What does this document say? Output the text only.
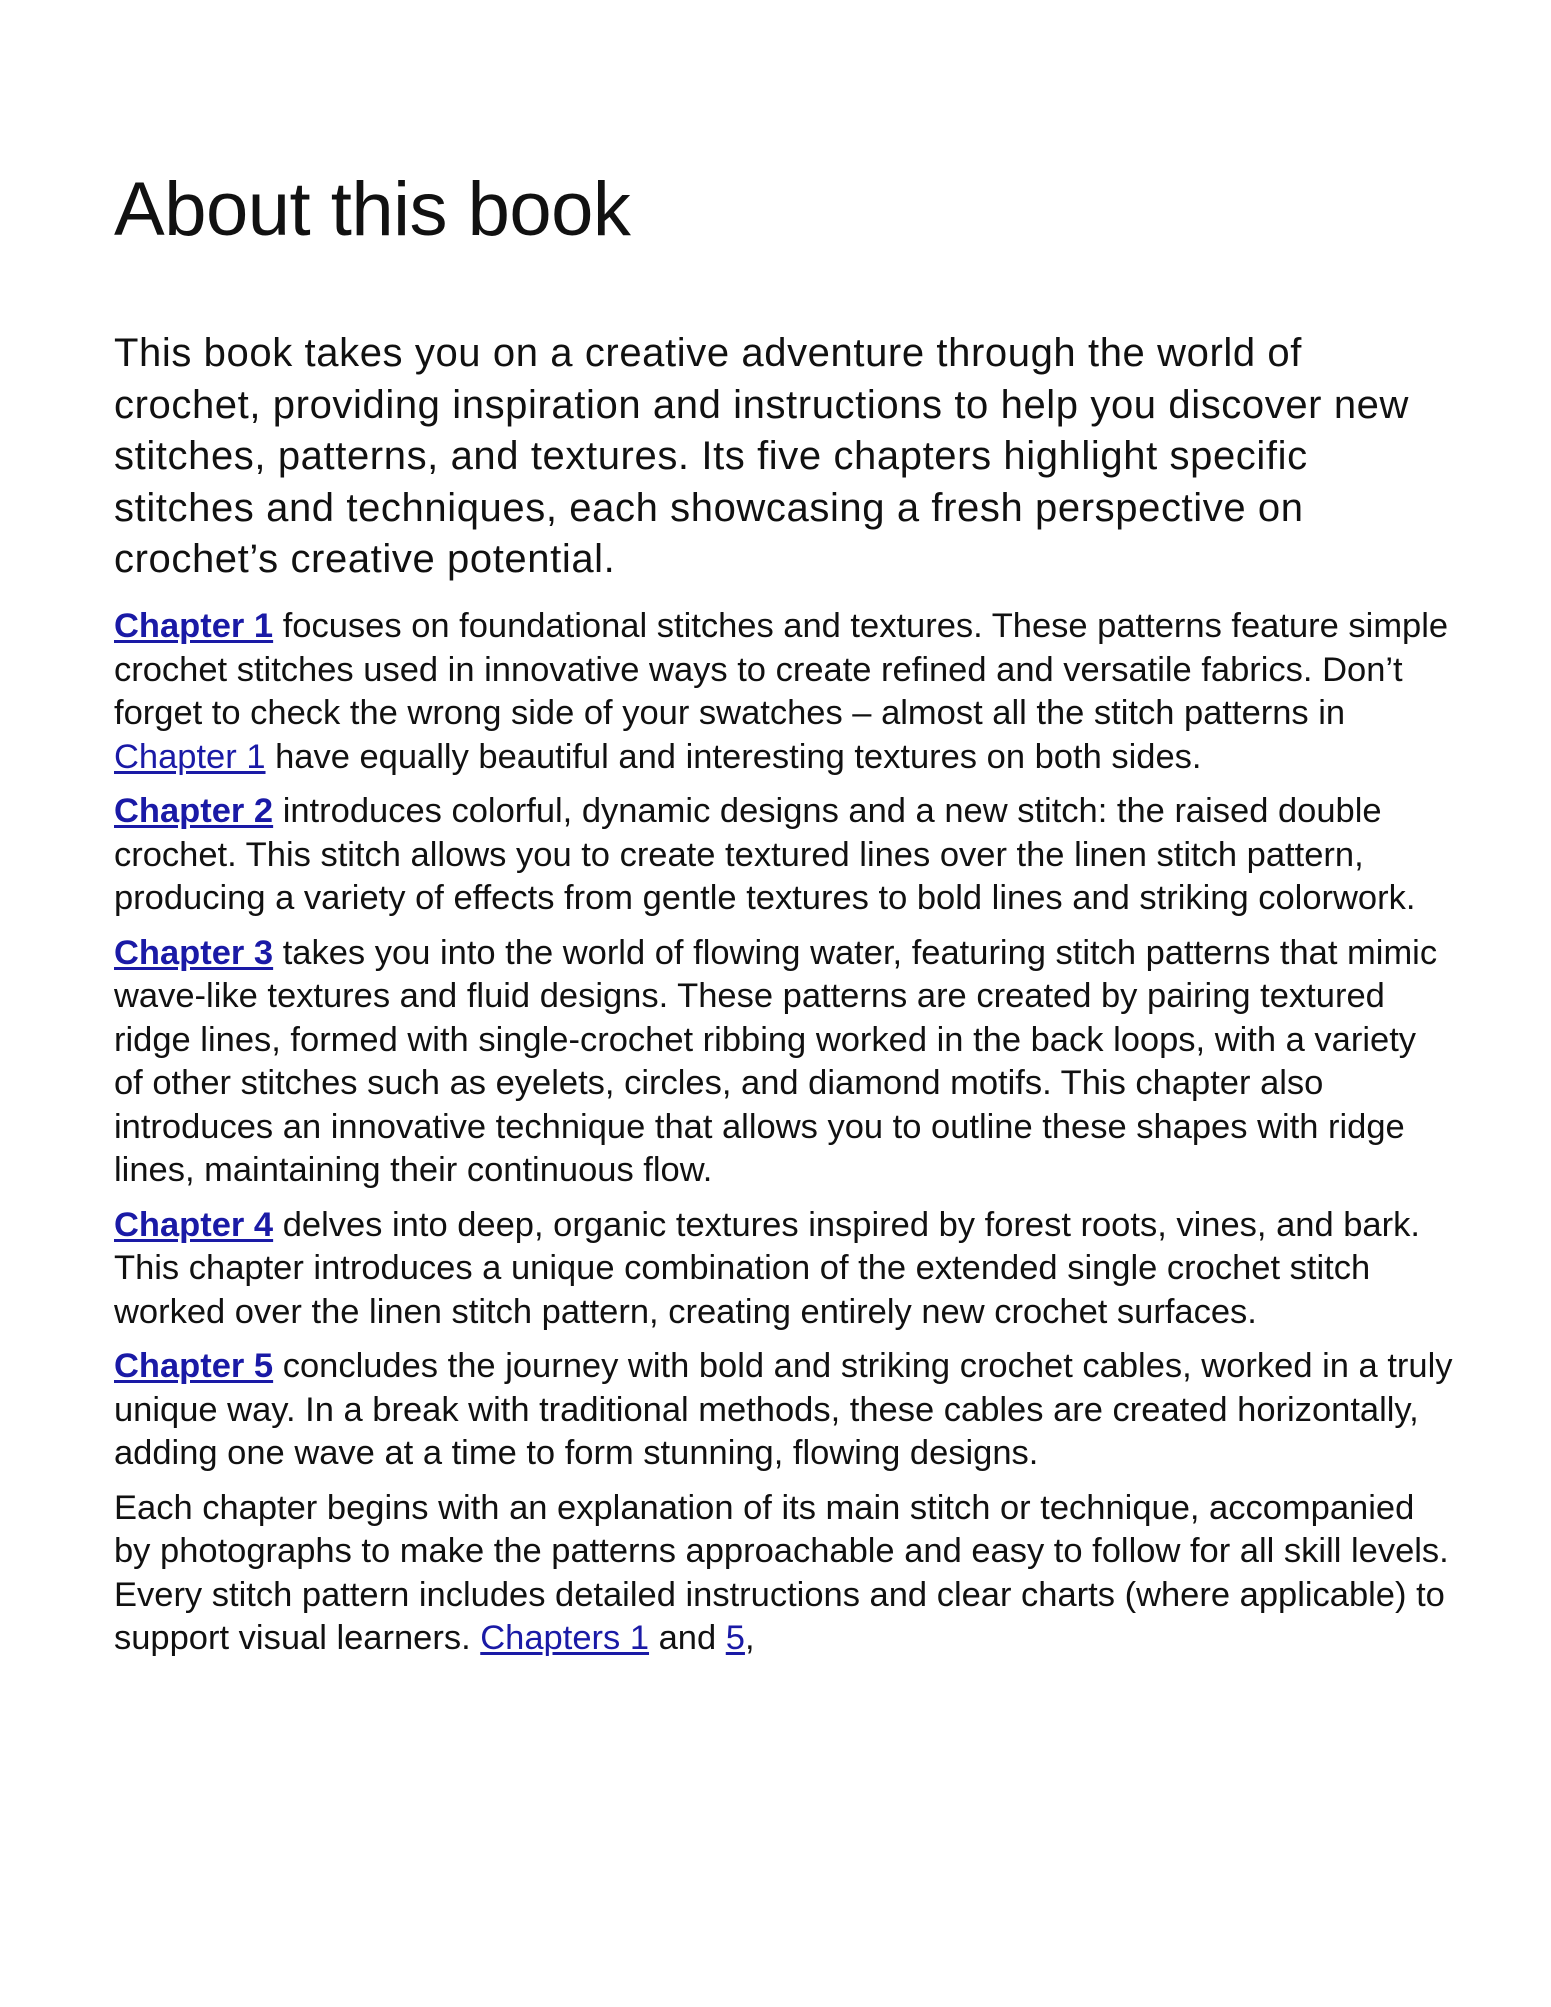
About this book

This book takes you on a creative adventure through the world of crochet, providing inspiration and instructions to help you discover new stitches, patterns, and textures. Its five chapters highlight specific stitches and techniques, each showcasing a fresh perspective on crochet’s creative potential.

Chapter 1 focuses on foundational stitches and textures. These patterns feature simple crochet stitches used in innovative ways to create refined and versatile fabrics. Don’t forget to check the wrong side of your swatches – almost all the stitch patterns in Chapter 1 have equally beautiful and interesting textures on both sides.

Chapter 2 introduces colorful, dynamic designs and a new stitch: the raised double crochet. This stitch allows you to create textured lines over the linen stitch pattern, producing a variety of effects from gentle textures to bold lines and striking colorwork.

Chapter 3 takes you into the world of flowing water, featuring stitch patterns that mimic wave-like textures and fluid designs. These patterns are created by pairing textured ridge lines, formed with single-crochet ribbing worked in the back loops, with a variety of other stitches such as eyelets, circles, and diamond motifs. This chapter also introduces an innovative technique that allows you to outline these shapes with ridge lines, maintaining their continuous flow.

Chapter 4 delves into deep, organic textures inspired by forest roots, vines, and bark. This chapter introduces a unique combination of the extended single crochet stitch worked over the linen stitch pattern, creating entirely new crochet surfaces.

Chapter 5 concludes the journey with bold and striking crochet cables, worked in a truly unique way. In a break with traditional methods, these cables are created horizontally, adding one wave at a time to form stunning, flowing designs.

Each chapter begins with an explanation of its main stitch or technique, accompanied by photographs to make the patterns approachable and easy to follow for all skill levels. Every stitch pattern includes detailed instructions and clear charts (where applicable) to support visual learners. Chapters 1 and 5,
